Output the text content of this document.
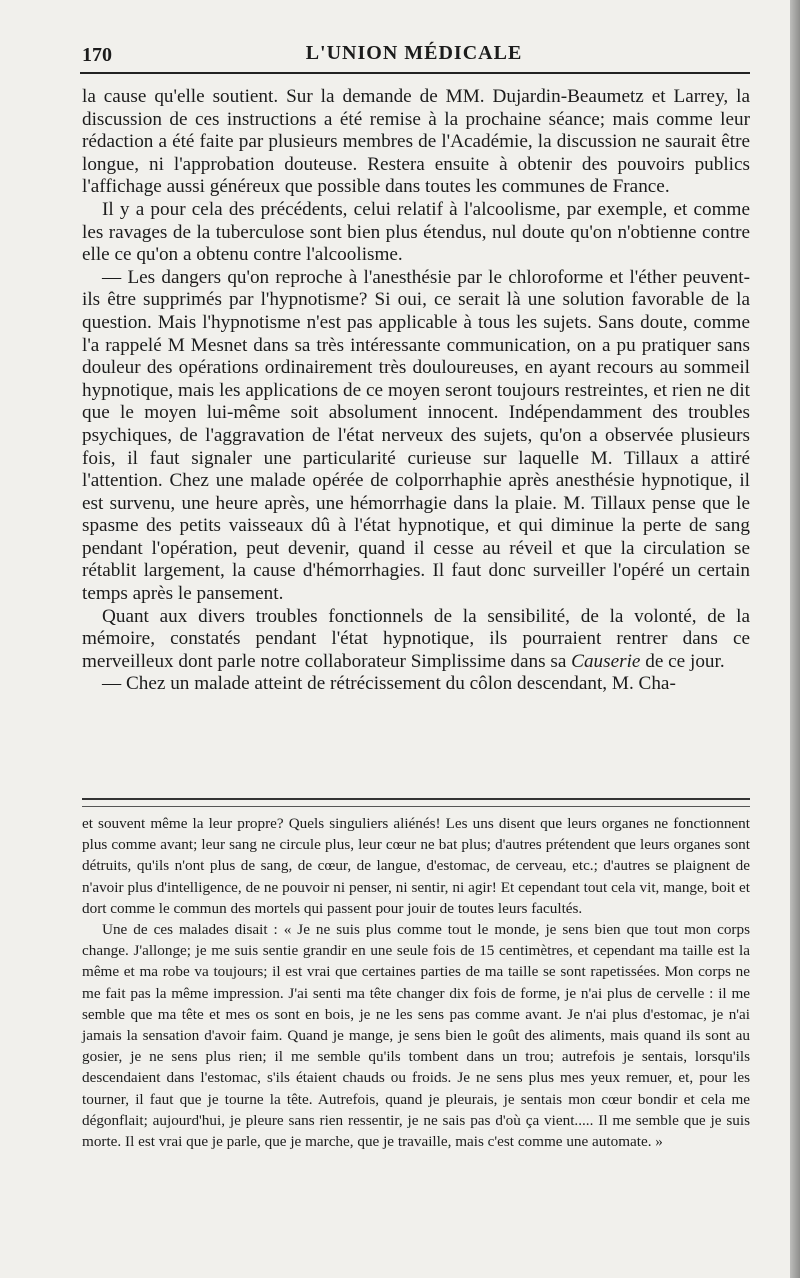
170	L'UNION MÉDICALE

la cause qu'elle soutient. Sur la demande de MM. Dujardin-Beaumetz et Larrey, la discussion de ces instructions a été remise à la prochaine séance; mais comme leur rédaction a été faite par plusieurs membres de l'Académie, la discussion ne saurait être longue, ni l'approbation douteuse. Restera ensuite à obtenir des pouvoirs publics l'affichage aussi généreux que possible dans toutes les communes de France.

Il y a pour cela des précédents, celui relatif à l'alcoolisme, par exemple, et comme les ravages de la tuberculose sont bien plus étendus, nul doute qu'on n'obtienne contre elle ce qu'on a obtenu contre l'alcoolisme.

— Les dangers qu'on reproche à l'anesthésie par le chloroforme et l'éther peuvent-ils être supprimés par l'hypnotisme? Si oui, ce serait là une solution favorable de la question. Mais l'hypnotisme n'est pas applicable à tous les sujets. Sans doute, comme l'a rappelé M Mesnet dans sa très intéressante communication, on a pu pratiquer sans douleur des opérations ordinairement très douloureuses, en ayant recours au sommeil hypnotique, mais les applications de ce moyen seront toujours restreintes, et rien ne dit que le moyen lui-même soit absolument innocent. Indépendamment des troubles psychiques, de l'aggravation de l'état nerveux des sujets, qu'on a observée plusieurs fois, il faut signaler une particularité curieuse sur laquelle M. Tillaux a attiré l'attention. Chez une malade opérée de colporrhaphie après anesthésie hypnotique, il est survenu, une heure après, une hémorrhagie dans la plaie. M. Tillaux pense que le spasme des petits vaisseaux dû à l'état hypnotique, et qui diminue la perte de sang pendant l'opération, peut devenir, quand il cesse au réveil et que la circulation se rétablit largement, la cause d'hémorrhagies. Il faut donc surveiller l'opéré un certain temps après le pansement.

Quant aux divers troubles fonctionnels de la sensibilité, de la volonté, de la mémoire, constatés pendant l'état hypnotique, ils pourraient rentrer dans ce merveilleux dont parle notre collaborateur Simplissime dans sa Causerie de ce jour.

— Chez un malade atteint de rétrécissement du côlon descendant, M. Cha-

et souvent même la leur propre? Quels singuliers aliénés! Les uns disent que leurs organes ne fonctionnent plus comme avant; leur sang ne circule plus, leur cœur ne bat plus; d'autres prétendent que leurs organes sont détruits, qu'ils n'ont plus de sang, de cœur, de langue, d'estomac, de cerveau, etc.; d'autres se plaignent de n'avoir plus d'intelligence, de ne pouvoir ni penser, ni sentir, ni agir! Et cependant tout cela vit, mange, boit et dort comme le commun des mortels qui passent pour jouir de toutes leurs facultés.

Une de ces malades disait : « Je ne suis plus comme tout le monde, je sens bien que tout mon corps change. J'allonge; je me suis sentie grandir en une seule fois de 15 centimètres, et cependant ma taille est la même et ma robe va toujours; il est vrai que certaines parties de ma taille se sont rapetissées. Mon corps ne me fait pas la même impression. J'ai senti ma tête changer dix fois de forme, je n'ai plus de cervelle : il me semble que ma tête et mes os sont en bois, je ne les sens pas comme avant. Je n'ai plus d'estomac, je n'ai jamais la sensation d'avoir faim. Quand je mange, je sens bien le goût des aliments, mais quand ils sont au gosier, je ne sens plus rien; il me semble qu'ils tombent dans un trou; autrefois je sentais, lorsqu'ils descendaient dans l'estomac, s'ils étaient chauds ou froids. Je ne sens plus mes yeux remuer, et, pour les tourner, il faut que je tourne la tête. Autrefois, quand je pleurais, je sentais mon cœur bondir et cela me dégonflait; aujourd'hui, je pleure sans rien ressentir, je ne sais pas d'où ça vient..... Il me semble que je suis morte. Il est vrai que je parle, que je marche, que je travaille, mais c'est comme une automate. »
